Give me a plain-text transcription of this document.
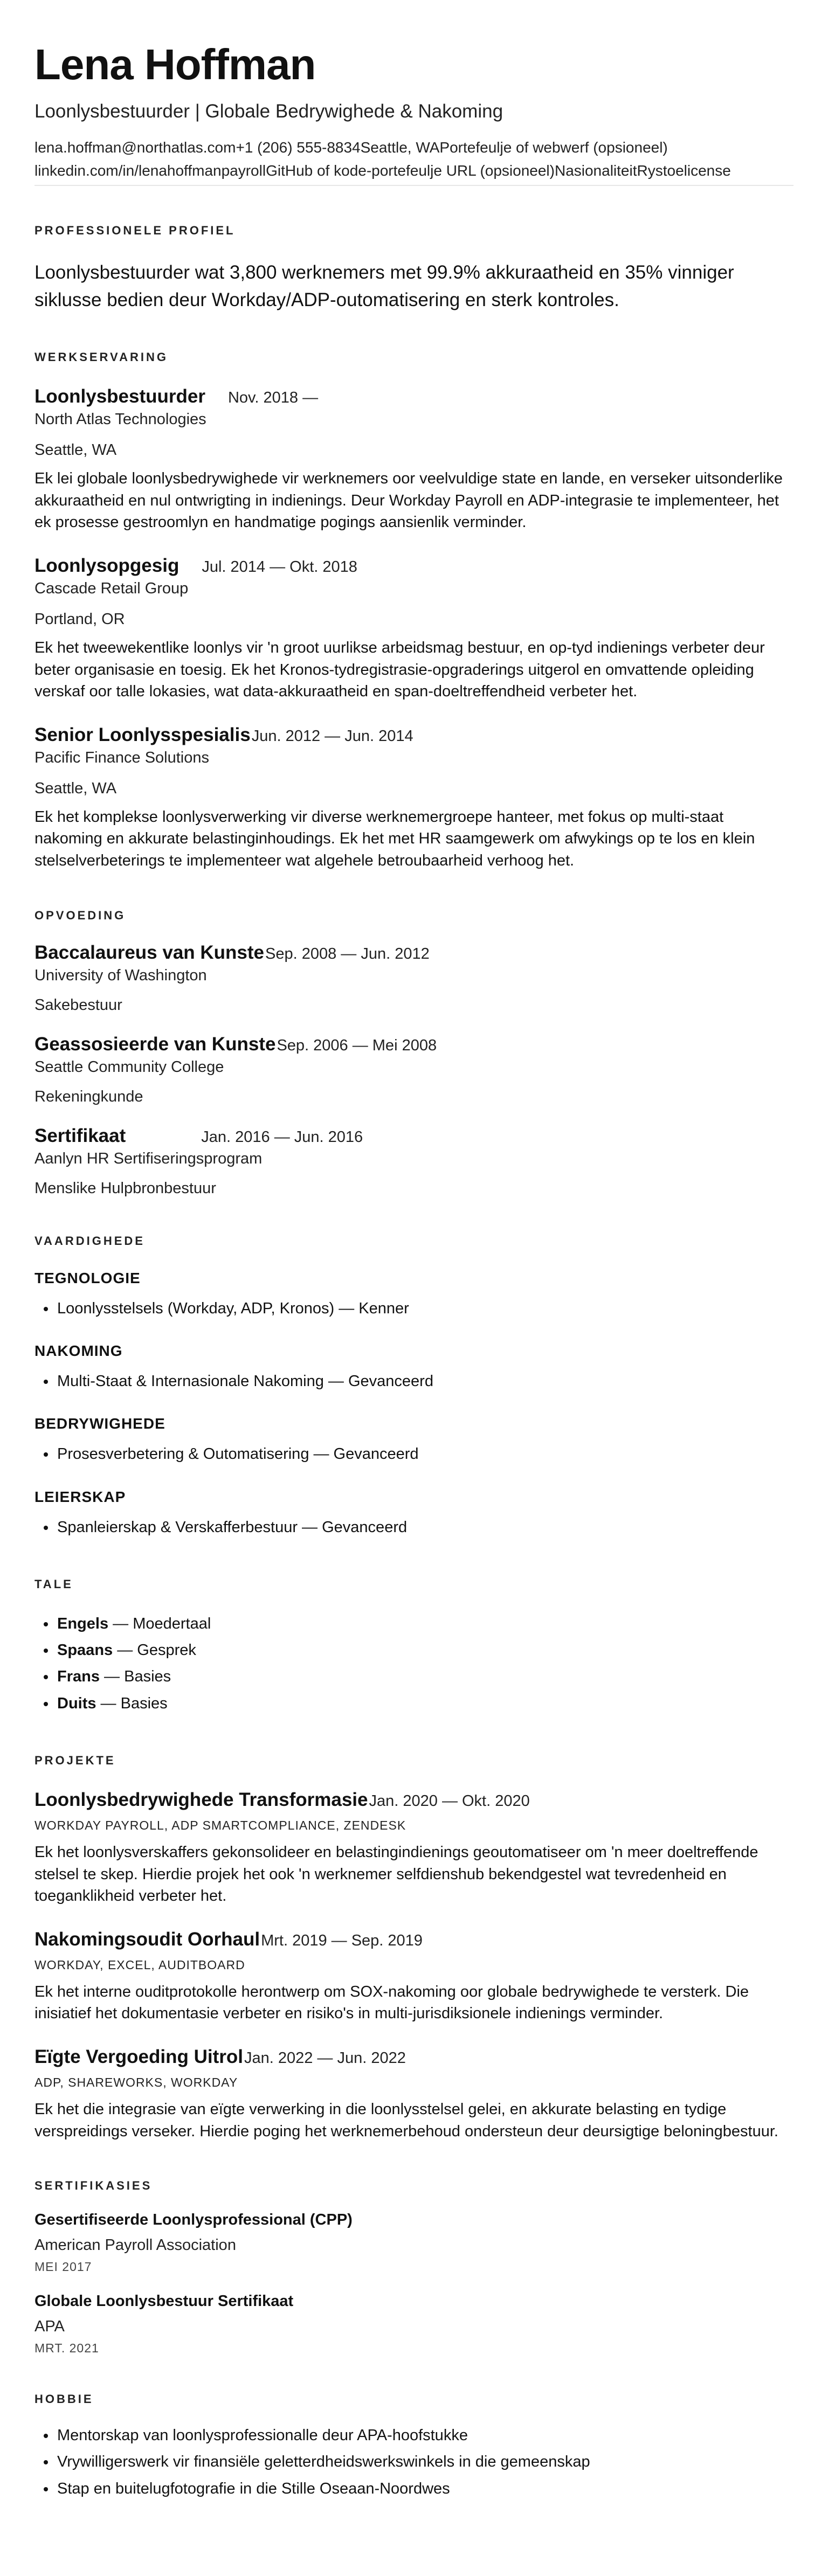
Lena Hoffman
Loonlysbestuurder | Globale Bedrywighede & Nakoming
lena.hoffman@northatlas.com+1 (206) 555-8834Seattle, WAPortefeulje of webwerf (opsioneel)
linkedin.com/in/lenahoffmanpayrollGitHub of kode-portefeulje URL (opsioneel)NasionaliteitRystoelicense
PROFESSIONELE PROFIEL
Loonlysbestuurder wat 3,800 werknemers met 99.9% akkuraatheid en 35% vinniger siklusse bedien deur Workday/ADP-outomatisering en sterk kontroles.
WERKSERVARING
Loonlysbestuurder Nov. 2018 —
North Atlas Technologies
Seattle, WA
Ek lei globale loonlysbedrywighede vir werknemers oor veelvuldige state en lande, en verseker uitsonderlike akkuraatheid en nul ontwrigting in indienings. Deur Workday Payroll en ADP-integrasie te implementeer, het ek prosesse gestroomlyn en handmatige pogings aansienlik verminder.
Loonlysopgesig Jul. 2014 — Okt. 2018
Cascade Retail Group
Portland, OR
Ek het tweewekentlike loonlys vir 'n groot uurlikse arbeidsmag bestuur, en op-tyd indienings verbeter deur beter organisasie en toesig. Ek het Kronos-tydregistrasie-opgraderings uitgerol en omvattende opleiding verskaf oor talle lokasies, wat data-akkuraatheid en span-doeltreffendheid verbeter het.
Senior Loonlysspesialis Jun. 2012 — Jun. 2014
Pacific Finance Solutions
Seattle, WA
Ek het komplekse loonlysverwerking vir diverse werknemergroepe hanteer, met fokus op multi-staat nakoming en akkurate belastinginhoudings. Ek het met HR saamgewerk om afwykings op te los en klein stelselverbeterings te implementeer wat algehele betroubaarheid verhoog het.
OPVOEDING
Baccalaureus van Kunste Sep. 2008 — Jun. 2012
University of Washington
Sakebestuur
Geassosieerde van Kunste Sep. 2006 — Mei 2008
Seattle Community College
Rekeningkunde
Sertifikaat	Jan. 2016 — Jun. 2016
Aanlyn HR Sertifiseringsprogram
Menslike Hulpbronbestuur
VAARDIGHEDE
TEGNOLOGIE
• Loonlysstelsels (Workday, ADP, Kronos) — Kenner
NAKOMING
• Multi-Staat & Internasionale Nakoming — Gevanceerd
BEDRYWIGHEDE
• Prosesverbetering & Outomatisering — Gevanceerd
LEIERSKAP
• Spanleierskap & Verskafferbestuur — Gevanceerd
TALE
• Engels — Moedertaal
• Spaans — Gesprek
• Frans — Basies
• Duits — Basies
PROJEKTE
Loonlysbedrywighede Transformasie Jan. 2020 — Okt. 2020
WORKDAY PAYROLL, ADP SMARTCOMPLIANCE, ZENDESK
Ek het loonlysverskaffers gekonsolideer en belastingindienings geoutomatiseer om 'n meer doeltreffende stelsel te skep. Hierdie projek het ook 'n werknemer selfdienshub bekendgestel wat tevredenheid en toeganklikheid verbeter het.
Nakomingsoudit Oorhaul Mrt. 2019 — Sep. 2019
WORKDAY, EXCEL, AUDITBOARD
Ek het interne ouditprotokolle herontwerp om SOX-nakoming oor globale bedrywighede te versterk. Die inisiatief het dokumentasie verbeter en risiko's in multi-jurisdiksionele indienings verminder.
Eïgte Vergoeding Uitrol Jan. 2022 — Jun. 2022
ADP, SHAREWORKS, WORKDAY
Ek het die integrasie van eïgte verwerking in die loonlysstelsel gelei, en akkurate belasting en tydige verspreidings verseker. Hierdie poging het werknemerbehoud ondersteun deur deursigtige beloningbestuur.
SERTIFIKASIES
Gesertifiseerde Loonlysprofessional (CPP)
American Payroll Association
MEI 2017
Globale Loonlysbestuur Sertifikaat
APA
MRT. 2021
HOBBIE
• Mentorskap van loonlysprofessionalle deur APA-hoofstukke
• Vrywilligerswerk vir finansiële geletterdheidswerkswinkels in die gemeenskap
• Stap en buitelugfotografie in die Stille Oseaan-Noordwes
